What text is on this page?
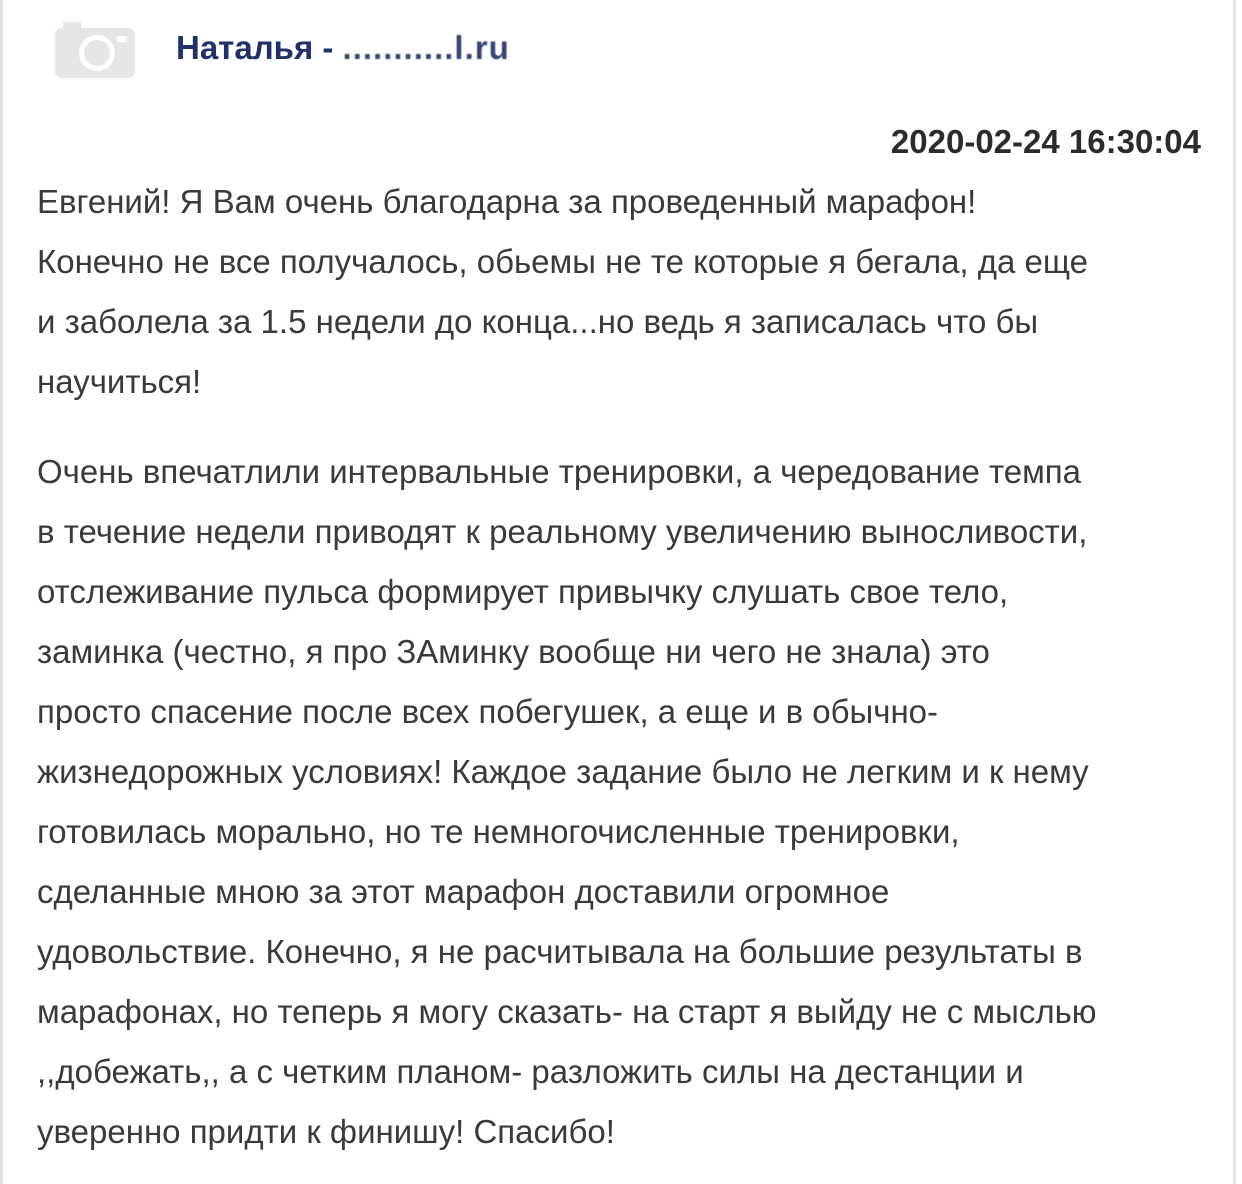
Наталья - ...........l.ru
2020-02-24 16:30:04

Евгений! Я Вам очень благодарна за проведенный марафон!
Конечно не все получалось, обьемы не те которые я бегала, да еще
и заболела за 1.5 недели до конца...но ведь я записалась что бы
научиться!

Очень впечатлили интервальные тренировки, а чередование темпа
в течение недели приводят к реальному увеличению выносливости,
отслеживание пульса формирует привычку слушать свое тело,
заминка (честно, я про ЗАминку вообще ни чего не знала) это
просто спасение после всех побегушек, а еще и в обычно-
жизнедорожных условиях! Каждое задание было не легким и к нему
готовилась морально, но те немногочисленные тренировки,
сделанные мною за этот марафон доставили огромное
удовольствие. Конечно, я не расчитывала на большие результаты в
марафонах, но теперь я могу сказать- на старт я выйду не с мыслью
,,добежать,, а с четким планом- разложить силы на дестанции и
уверенно придти к финишу! Спасибо!
